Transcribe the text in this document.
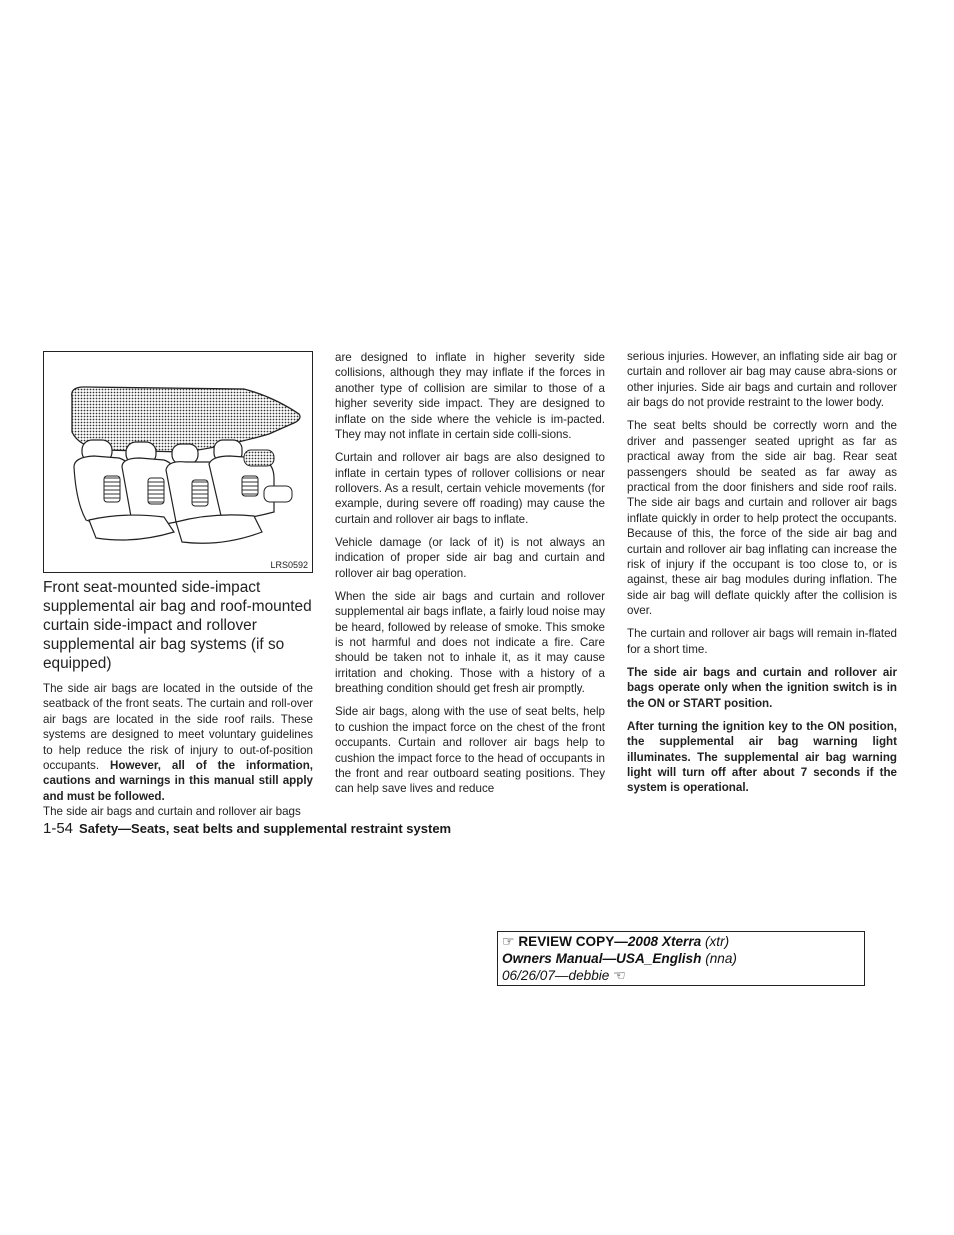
LRS0592
Front seat-mounted side-impact supplemental air bag and roof-mounted curtain side-impact and rollover supplemental air bag systems (if so equipped)

The side air bags are located in the outside of the seatback of the front seats. The curtain and roll-over air bags are located in the side roof rails. These systems are designed to meet voluntary guidelines to help reduce the risk of injury to out-of-position occupants. However, all of the information, cautions and warnings in this manual still apply and must be followed.

The side air bags and curtain and rollover air bags

are designed to inflate in higher severity side collisions, although they may inflate if the forces in another type of collision are similar to those of a higher severity side impact. They are designed to inflate on the side where the vehicle is im-pacted. They may not inflate in certain side colli-sions.

Curtain and rollover air bags are also designed to inflate in certain types of rollover collisions or near rollovers. As a result, certain vehicle movements (for example, during severe off roading) may cause the curtain and rollover air bags to inflate.

Vehicle damage (or lack of it) is not always an indication of proper side air bag and curtain and rollover air bag operation.

When the side air bags and curtain and rollover supplemental air bags inflate, a fairly loud noise may be heard, followed by release of smoke. This smoke is not harmful and does not indicate a fire. Care should be taken not to inhale it, as it may cause irritation and choking. Those with a history of a breathing condition should get fresh air promptly.

Side air bags, along with the use of seat belts, help to cushion the impact force on the chest of the front occupants. Curtain and rollover air bags help to cushion the impact force to the head of occupants in the front and rear outboard seating positions. They can help save lives and reduce

serious injuries. However, an inflating side air bag or curtain and rollover air bag may cause abra-sions or other injuries. Side air bags and curtain and rollover air bags do not provide restraint to the lower body.

The seat belts should be correctly worn and the driver and passenger seated upright as far as practical away from the side air bag. Rear seat passengers should be seated as far away as practical from the door finishers and side roof rails. The side air bags and curtain and rollover air bags inflate quickly in order to help protect the occupants. Because of this, the force of the side air bag and curtain and rollover air bag inflating can increase the risk of injury if the occupant is too close to, or is against, these air bag modules during inflation. The side air bag will deflate quickly after the collision is over.

The curtain and rollover air bags will remain in-flated for a short time.

The side air bags and curtain and rollover air bags operate only when the ignition switch is in the ON or START position.

After turning the ignition key to the ON position, the supplemental air bag warning light illuminates. The supplemental air bag warning light will turn off after about 7 seconds if the system is operational.

1-54 Safety—Seats, seat belts and supplemental restraint system
☞ REVIEW COPY—2008 Xterra (xtr)
Owners Manual—USA_English (nna)
06/26/07—debbie ☜
